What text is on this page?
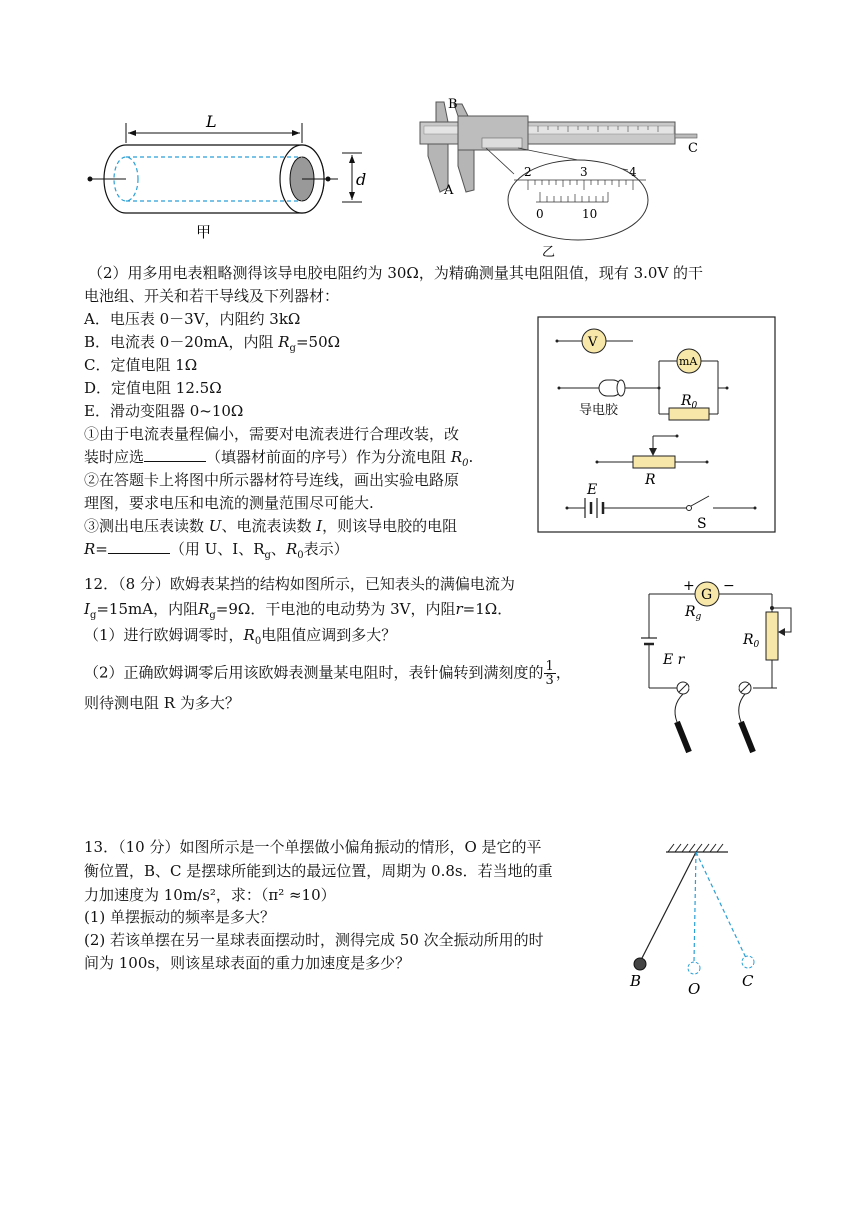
L
d
甲
A
B
C
2	3	4
0	10
乙
（2）用多用电表粗略测得该导电胶电阻约为 30Ω，为精确测量其电阻阻值，现有 3.0V 的干
电池组、开关和若干导线及下列器材：
A．电压表 0－3V，内阻约 3kΩ
B．电流表 0－20mA，内阻 $R_g=50\Omega$
C．定值电阻 1Ω
D．定值电阻 12.5Ω
E．滑动变阻器 0~10Ω
①由于电流表量程偏小，需要对电流表进行合理改装，改
装时应选	（填器材前面的序号）作为分流电阻 $R_0$.
②在答题卡上将图中所示器材符号连线，画出实验电路原
理图，要求电压和电流的测量范围尽可能大.
③测出电压表读数 U、电流表读数 I，则该导电胶的电阻
R=	（用 U、I、$R_g$、$R_0$表示）
V
导电胶
mA
$R_0$
R
E
S
12．（8 分）欧姆表某挡的结构如图所示，已知表头的满偏电流为
$I_g=15mA$，内阻$R_g=9\Omega$．干电池的电动势为 3V，内阻r=1Ω．
（1）进行欧姆调零时，$R_0$电阻值应调到多大？
（2）正确欧姆调零后用该欧姆表测量某电阻时，表针偏转到满刻度的 $\frac{1}{3}$ ，
则待测电阻 R 为多大？
+ −
G
$R_g$
E r
$R_0$
13．（10 分）如图所示是一个单摆做小偏角振动的情形，O 是它的平
衡位置，B、C 是摆球所能到达的最远位置，周期为 0.8s．若当地的重
力加速度为 10m/s²，求：（π² ≈10）
(1) 单摆振动的频率是多大？
(2) 若该单摆在另一星球表面摆动时，测得完成 50 次全振动所用的时
间为 100s，则该星球表面的重力加速度是多少？
B	O	C
